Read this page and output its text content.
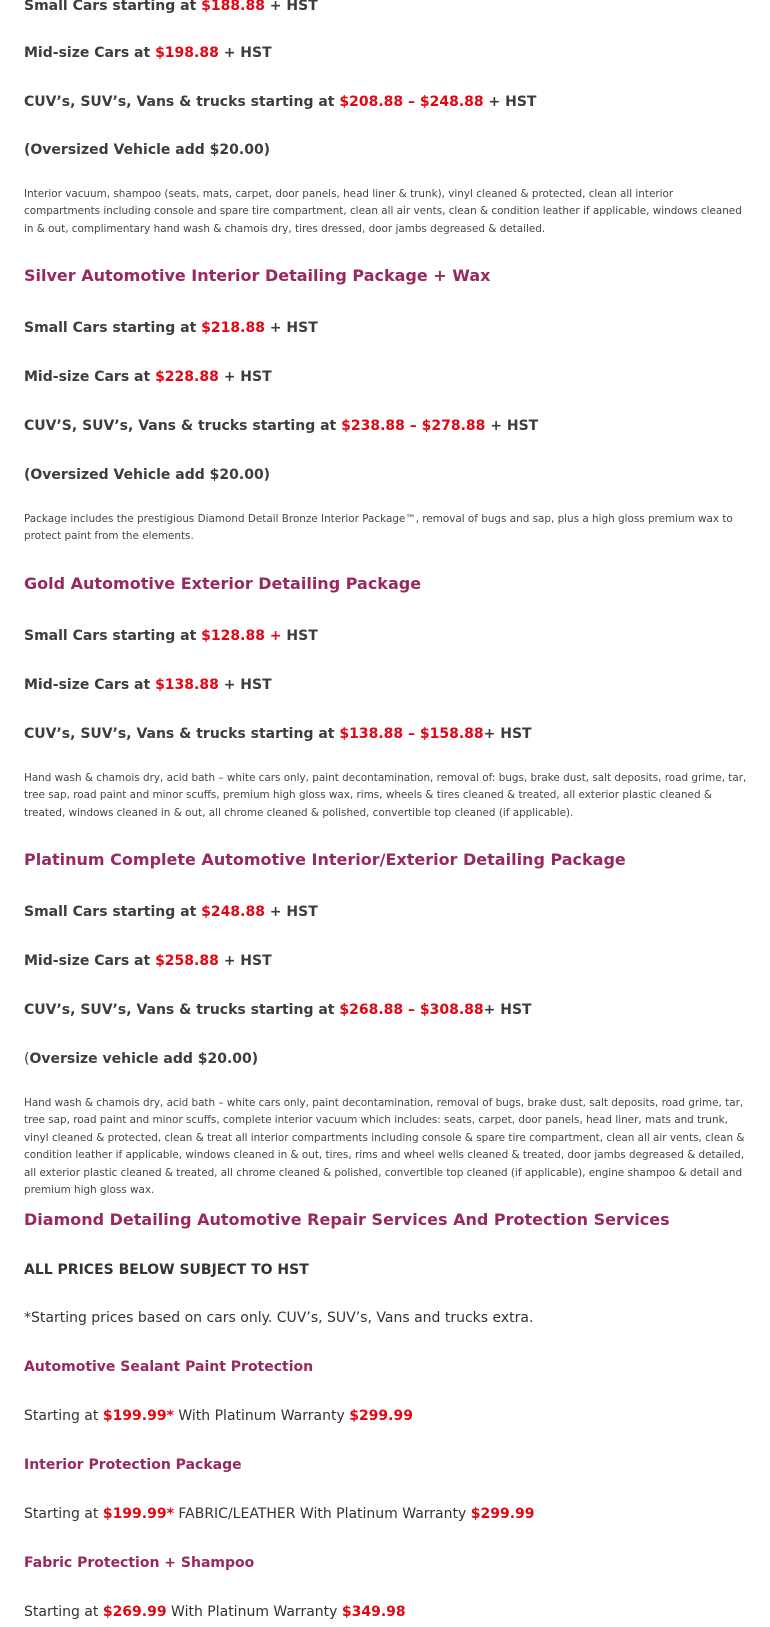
Small Cars starting at $188.88 + HST
Mid-size Cars at $198.88 + HST
CUV’s, SUV’s, Vans & trucks starting at $208.88 – $248.88 + HST
(Oversized Vehicle add $20.00)
Interior vacuum, shampoo (seats, mats, carpet, door panels, head liner & trunk), vinyl cleaned & protected, clean all interior compartments including console and spare tire compartment, clean all air vents, clean & condition leather if applicable, windows cleaned in & out, complimentary hand wash & chamois dry, tires dressed, door jambs degreased & detailed.
Silver Automotive Interior Detailing Package + Wax
Small Cars starting at $218.88 + HST
Mid-size Cars at $228.88 + HST
CUV’S, SUV’s, Vans & trucks starting at $238.88 – $278.88 + HST
(Oversized Vehicle add $20.00)
Package includes the prestigious Diamond Detail Bronze Interior Package™, removal of bugs and sap, plus a high gloss premium wax to protect paint from the elements.
Gold Automotive Exterior Detailing Package
Small Cars starting at $128.88 + HST
Mid-size Cars at $138.88 + HST
CUV’s, SUV’s, Vans & trucks starting at $138.88 – $158.88+ HST
Hand wash & chamois dry, acid bath – white cars only, paint decontamination, removal of: bugs, brake dust, salt deposits, road grime, tar, tree sap, road paint and minor scuffs, premium high gloss wax, rims, wheels & tires cleaned & treated, all exterior plastic cleaned & treated, windows cleaned in & out, all chrome cleaned & polished, convertible top cleaned (if applicable).
Platinum Complete Automotive Interior/Exterior Detailing Package
Small Cars starting at $248.88 + HST
Mid-size Cars at $258.88 + HST
CUV’s, SUV’s, Vans & trucks starting at $268.88 – $308.88+ HST
(Oversize vehicle add $20.00)
Hand wash & chamois dry, acid bath – white cars only, paint decontamination, removal of bugs, brake dust, salt deposits, road grime, tar, tree sap, road paint and minor scuffs, complete interior vacuum which includes: seats, carpet, door panels, head liner, mats and trunk, vinyl cleaned & protected, clean & treat all interior compartments including console & spare tire compartment, clean all air vents, clean & condition leather if applicable, windows cleaned in & out, tires, rims and wheel wells cleaned & treated, door jambs degreased & detailed, all exterior plastic cleaned & treated, all chrome cleaned & polished, convertible top cleaned (if applicable), engine shampoo & detail and premium high gloss wax.
Diamond Detailing Automotive Repair Services And Protection Services
ALL PRICES BELOW SUBJECT TO HST
*Starting prices based on cars only. CUV’s, SUV’s, Vans and trucks extra.
Automotive Sealant Paint Protection
Starting at $199.99* With Platinum Warranty $299.99
Interior Protection Package
Starting at $199.99* FABRIC/LEATHER With Platinum Warranty $299.99
Fabric Protection + Shampoo
Starting at $269.99 With Platinum Warranty $349.98
